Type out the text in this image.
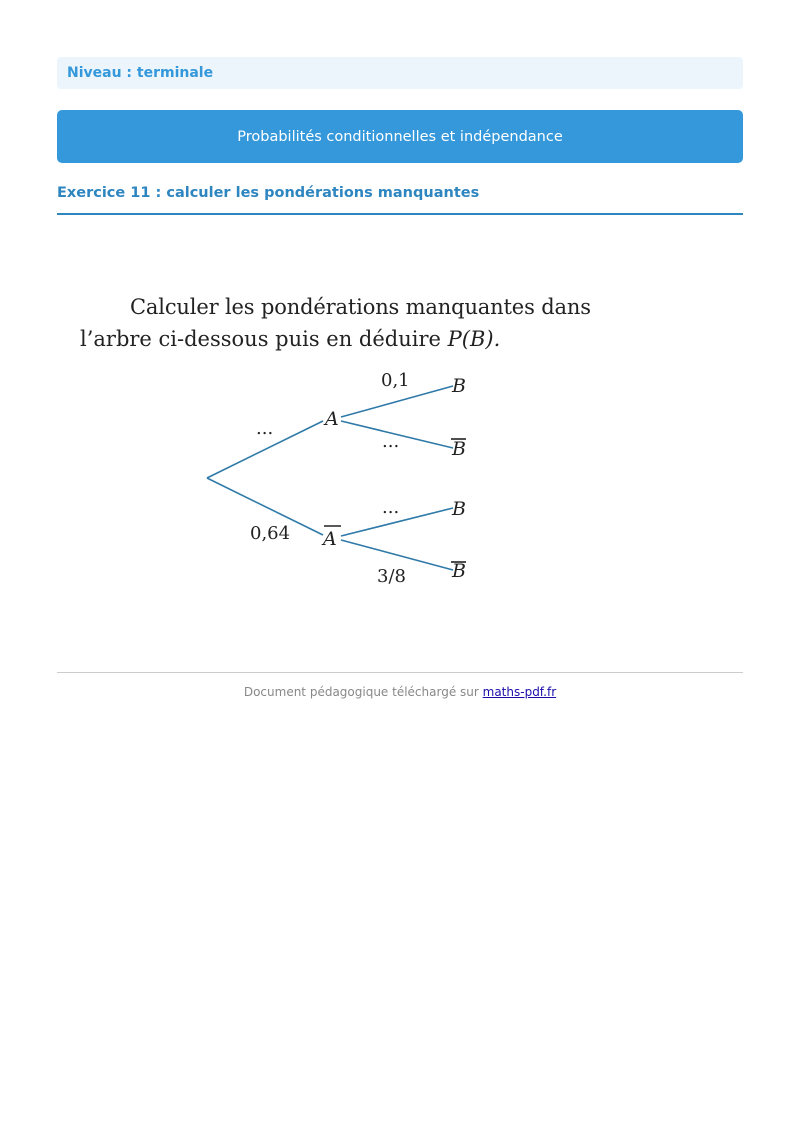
Niveau : terminale
Probabilités conditionnelles et indépendance
Exercice 11 : calculer les pondérations manquantes
Calculer les pondérations manquantes dans
l’arbre ci-dessous puis en déduire P(B).
A
A
B
B
B
B
...
0,64
0,1
...
...
3/8
Document pédagogique téléchargé sur maths-pdf.fr
